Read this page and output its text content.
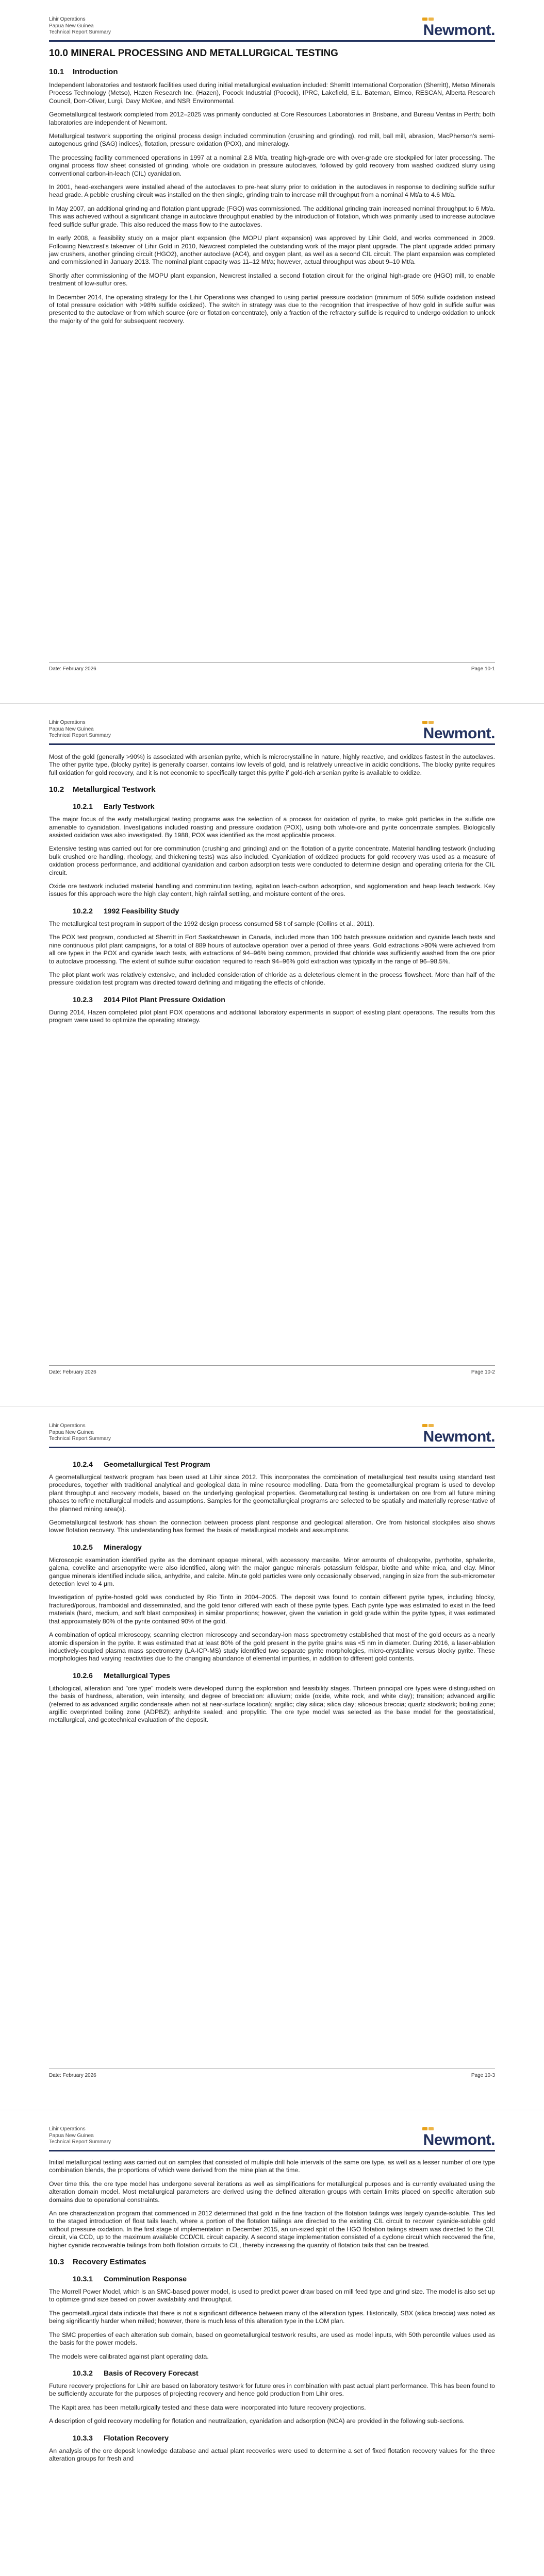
Lihir Operations
Papua New Guinea
Technical Report Summary	Newmont.
10.0 MINERAL PROCESSING AND METALLURGICAL TESTING
10.1	Introduction

Independent laboratories and testwork facilities used during initial metallurgical evaluation included: Sherritt International Corporation (Sherritt), Metso Minerals Process Technology (Metso), Hazen Research Inc. (Hazen), Pocock Industrial (Pocock), IPRC, Lakefield, E.L. Bateman, Elmco, RESCAN, Alberta Research Council, Dorr-Oliver, Lurgi, Davy McKee, and NSR Environmental.

Geometallurgical testwork completed from 2012–2025 was primarily conducted at Core Resources Laboratories in Brisbane, and Bureau Veritas in Perth; both laboratories are independent of Newmont.

Metallurgical testwork supporting the original process design included comminution (crushing and grinding), rod mill, ball mill, abrasion, MacPherson's semi-autogenous grind (SAG) indices), flotation, pressure oxidation (POX), and mineralogy.

The processing facility commenced operations in 1997 at a nominal 2.8 Mt/a, treating high-grade ore with over-grade ore stockpiled for later processing. The original process flow sheet consisted of grinding, whole ore oxidation in pressure autoclaves, followed by gold recovery from washed oxidized slurry using conventional carbon-in-leach (CIL) cyanidation.

In 2001, head-exchangers were installed ahead of the autoclaves to pre-heat slurry prior to oxidation in the autoclaves in response to declining sulfide sulfur head grade. A pebble crushing circuit was installed on the then single, grinding train to increase mill throughput from a nominal 4 Mt/a to 4.6 Mt/a.

In May 2007, an additional grinding and flotation plant upgrade (FGO) was commissioned. The additional grinding train increased nominal throughput to 6 Mt/a. This was achieved without a significant change in autoclave throughput enabled by the introduction of flotation, which was primarily used to increase autoclave feed sulfide sulfur grade. This also reduced the mass flow to the autoclaves.

In early 2008, a feasibility study on a major plant expansion (the MOPU plant expansion) was approved by Lihir Gold, and works commenced in 2009. Following Newcrest's takeover of Lihir Gold in 2010, Newcrest completed the outstanding work of the major plant upgrade. The plant upgrade added primary jaw crushers, another grinding circuit (HGO2), another autoclave (AC4), and oxygen plant, as well as a second CIL circuit. The plant expansion was completed and commissioned in January 2013. The nominal plant capacity was 11–12 Mt/a; however, actual throughput was about 9–10 Mt/a.

Shortly after commissioning of the MOPU plant expansion, Newcrest installed a second flotation circuit for the original high-grade ore (HGO) mill, to enable treatment of low-sulfur ores.

In December 2014, the operating strategy for the Lihir Operations was changed to using partial pressure oxidation (minimum of 50% sulfide oxidation instead of total pressure oxidation with >98% sulfide oxidized). The switch in strategy was due to the recognition that irrespective of how gold in sulfide sulfur was presented to the autoclave or from which source (ore or flotation concentrate), only a fraction of the refractory sulfide is required to undergo oxidation to unlock the majority of the gold for subsequent recovery.

Date: February 2026	Page 10-1
Lihir Operations
Papua New Guinea
Technical Report Summary	Newmont.

Most of the gold (generally >90%) is associated with arsenian pyrite, which is microcrystalline in nature, highly reactive, and oxidizes fastest in the autoclaves. The other pyrite type, (blocky pyrite) is generally coarser, contains low levels of gold, and is relatively unreactive in acidic conditions. The blocky pyrite requires full oxidation for gold recovery, and it is not economic to specifically target this pyrite if gold-rich arsenian pyrite is available to oxidize.

10.2	Metallurgical Testwork
10.2.1	Early Testwork

The major focus of the early metallurgical testing programs was the selection of a process for oxidation of pyrite, to make gold particles in the sulfide ore amenable to cyanidation. Investigations included roasting and pressure oxidation (POX), using both whole-ore and pyrite concentrate samples. Biologically assisted oxidation was also investigated. By 1988, POX was identified as the most applicable process.

Extensive testing was carried out for ore comminution (crushing and grinding) and on the flotation of a pyrite concentrate. Material handling testwork (including bulk crushed ore handling, rheology, and thickening tests) was also included. Cyanidation of oxidized products for gold recovery was used as a measure of oxidation process performance, and additional cyanidation and carbon adsorption tests were conducted to determine design and operating criteria for the CIL circuit.

Oxide ore testwork included material handling and comminution testing, agitation leach-carbon adsorption, and agglomeration and heap leach testwork. Key issues for this approach were the high clay content, high rainfall settling, and moisture content of the ores.

10.2.2	1992 Feasibility Study

The metallurgical test program in support of the 1992 design process consumed 58 t of sample (Collins et al., 2011).

The POX test program, conducted at Sherritt in Fort Saskatchewan in Canada, included more than 100 batch pressure oxidation and cyanide leach tests and nine continuous pilot plant campaigns, for a total of 889 hours of autoclave operation over a period of three years. Gold extractions >90% were achieved from all ore types in the POX and cyanide leach tests, with extractions of 94–96% being common, provided that chloride was sufficiently washed from the ore prior to autoclave processing. The extent of sulfide sulfur oxidation required to reach 94–96% gold extraction was typically in the range of 96–98.5%.

The pilot plant work was relatively extensive, and included consideration of chloride as a deleterious element in the process flowsheet. More than half of the pressure oxidation test program was directed toward defining and mitigating the effects of chloride.

10.2.3	2014 Pilot Plant Pressure Oxidation

During 2014, Hazen completed pilot plant POX operations and additional laboratory experiments in support of existing plant operations. The results from this program were used to optimize the operating strategy.

Date: February 2026	Page 10-2
Lihir Operations
Papua New Guinea
Technical Report Summary	Newmont.
10.2.4	Geometallurgical Test Program

A geometallurgical testwork program has been used at Lihir since 2012. This incorporates the combination of metallurgical test results using standard test procedures, together with traditional analytical and geological data in mine resource modelling. Data from the geometallurgical program is used to develop plant throughput and recovery models, based on the underlying geological properties. Geometallurgical testing is undertaken on ore from all future mining phases to refine metallurgical models and assumptions. Samples for the geometallurgical programs are selected to be spatially and materially representative of the planned mining area(s).

Geometallurgical testwork has shown the connection between process plant response and geological alteration. Ore from historical stockpiles also shows lower flotation recovery. This understanding has formed the basis of metallurgical models and assumptions.

10.2.5	Mineralogy

Microscopic examination identified pyrite as the dominant opaque mineral, with accessory marcasite. Minor amounts of chalcopyrite, pyrrhotite, sphalerite, galena, covellite and arsenopyrite were also identified, along with the major gangue minerals potassium feldspar, biotite and white mica, and clay. Minor gangue minerals identified include silica, anhydrite, and calcite. Minute gold particles were only occasionally observed, ranging in size from the sub-micrometer detection level to 4 µm.

Investigation of pyrite-hosted gold was conducted by Rio Tinto in 2004–2005. The deposit was found to contain different pyrite types, including blocky, fractured/porous, framboidal and disseminated, and the gold tenor differed with each of these pyrite types. Each pyrite type was estimated to exist in the feed materials (hard, medium, and soft blast composites) in similar proportions; however, given the variation in gold grade within the pyrite types, it was estimated that approximately 80% of the pyrite contained 90% of the gold.

A combination of optical microscopy, scanning electron microscopy and secondary-ion mass spectrometry established that most of the gold occurs as a nearly atomic dispersion in the pyrite. It was estimated that at least 80% of the gold present in the pyrite grains was <5 nm in diameter. During 2016, a laser-ablation inductively-coupled plasma mass spectrometry (LA-ICP-MS) study identified two separate pyrite morphologies, micro-crystalline versus blocky pyrite. These morphologies had varying reactivities due to the changing abundance of elemental impurities, in addition to different gold contents.

10.2.6	Metallurgical Types

Lithological, alteration and "ore type" models were developed during the exploration and feasibility stages. Thirteen principal ore types were distinguished on the basis of hardness, alteration, vein intensity, and degree of brecciation: alluvium; oxide (oxide, white rock, and white clay); transition; advanced argillic (referred to as advanced argillic condensate when not at near-surface location); argillic; clay silica; silica clay; siliceous breccia; quartz stockwork; boiling zone; argillic overprinted boiling zone (ADPBZ); anhydrite sealed; and propylitic. The ore type model was selected as the base model for the geostatistical, metallurgical, and geotechnical evaluation of the deposit.

Date: February 2026	Page 10-3
Lihir Operations
Papua New Guinea
Technical Report Summary	Newmont.

Initial metallurgical testing was carried out on samples that consisted of multiple drill hole intervals of the same ore type, as well as a lesser number of ore type combination blends, the proportions of which were derived from the mine plan at the time.

Over time this, the ore type model has undergone several iterations as well as simplifications for metallurgical purposes and is currently evaluated using the alteration domain model. Most metallurgical parameters are derived using the defined alteration groups with certain limits placed on specific alteration sub domains due to operational constraints.

An ore characterization program that commenced in 2012 determined that gold in the fine fraction of the flotation tailings was largely cyanide-soluble. This led to the staged introduction of float tails leach, where a portion of the flotation tailings are directed to the existing CIL circuit to recover cyanide-soluble gold without pressure oxidation. In the first stage of implementation in December 2015, an un-sized split of the HGO flotation tailings stream was directed to the CIL circuit, via CCD, up to the maximum available CCD/CIL circuit capacity. A second stage implementation consisted of a cyclone circuit which recovered the fine, higher cyanide recoverable tailings from both flotation circuits to CIL, thereby increasing the quantity of flotation tails that can be treated.

10.3	Recovery Estimates
10.3.1	Comminution Response

The Morrell Power Model, which is an SMC-based power model, is used to predict power draw based on mill feed type and grind size. The model is also set up to optimize grind size based on power availability and throughput.

The geometallurgical data indicate that there is not a significant difference between many of the alteration types. Historically, SBX (silica breccia) was noted as being significantly harder when milled; however, there is much less of this alteration type in the LOM plan.

The SMC properties of each alteration sub domain, based on geometallurgical testwork results, are used as model inputs, with 50th percentile values used as the basis for the power models.

The models were calibrated against plant operating data.

10.3.2	Basis of Recovery Forecast

Future recovery projections for Lihir are based on laboratory testwork for future ores in combination with past actual plant performance. This has been found to be sufficiently accurate for the purposes of projecting recovery and hence gold production from Lihir ores.

The Kapit area has been metallurgically tested and these data were incorporated into future recovery projections.

A description of gold recovery modelling for flotation and neutralization, cyanidation and adsorption (NCA) are provided in the following sub-sections.

10.3.3	Flotation Recovery

An analysis of the ore deposit knowledge database and actual plant recoveries were used to determine a set of fixed flotation recovery values for the three alteration groups for fresh and
